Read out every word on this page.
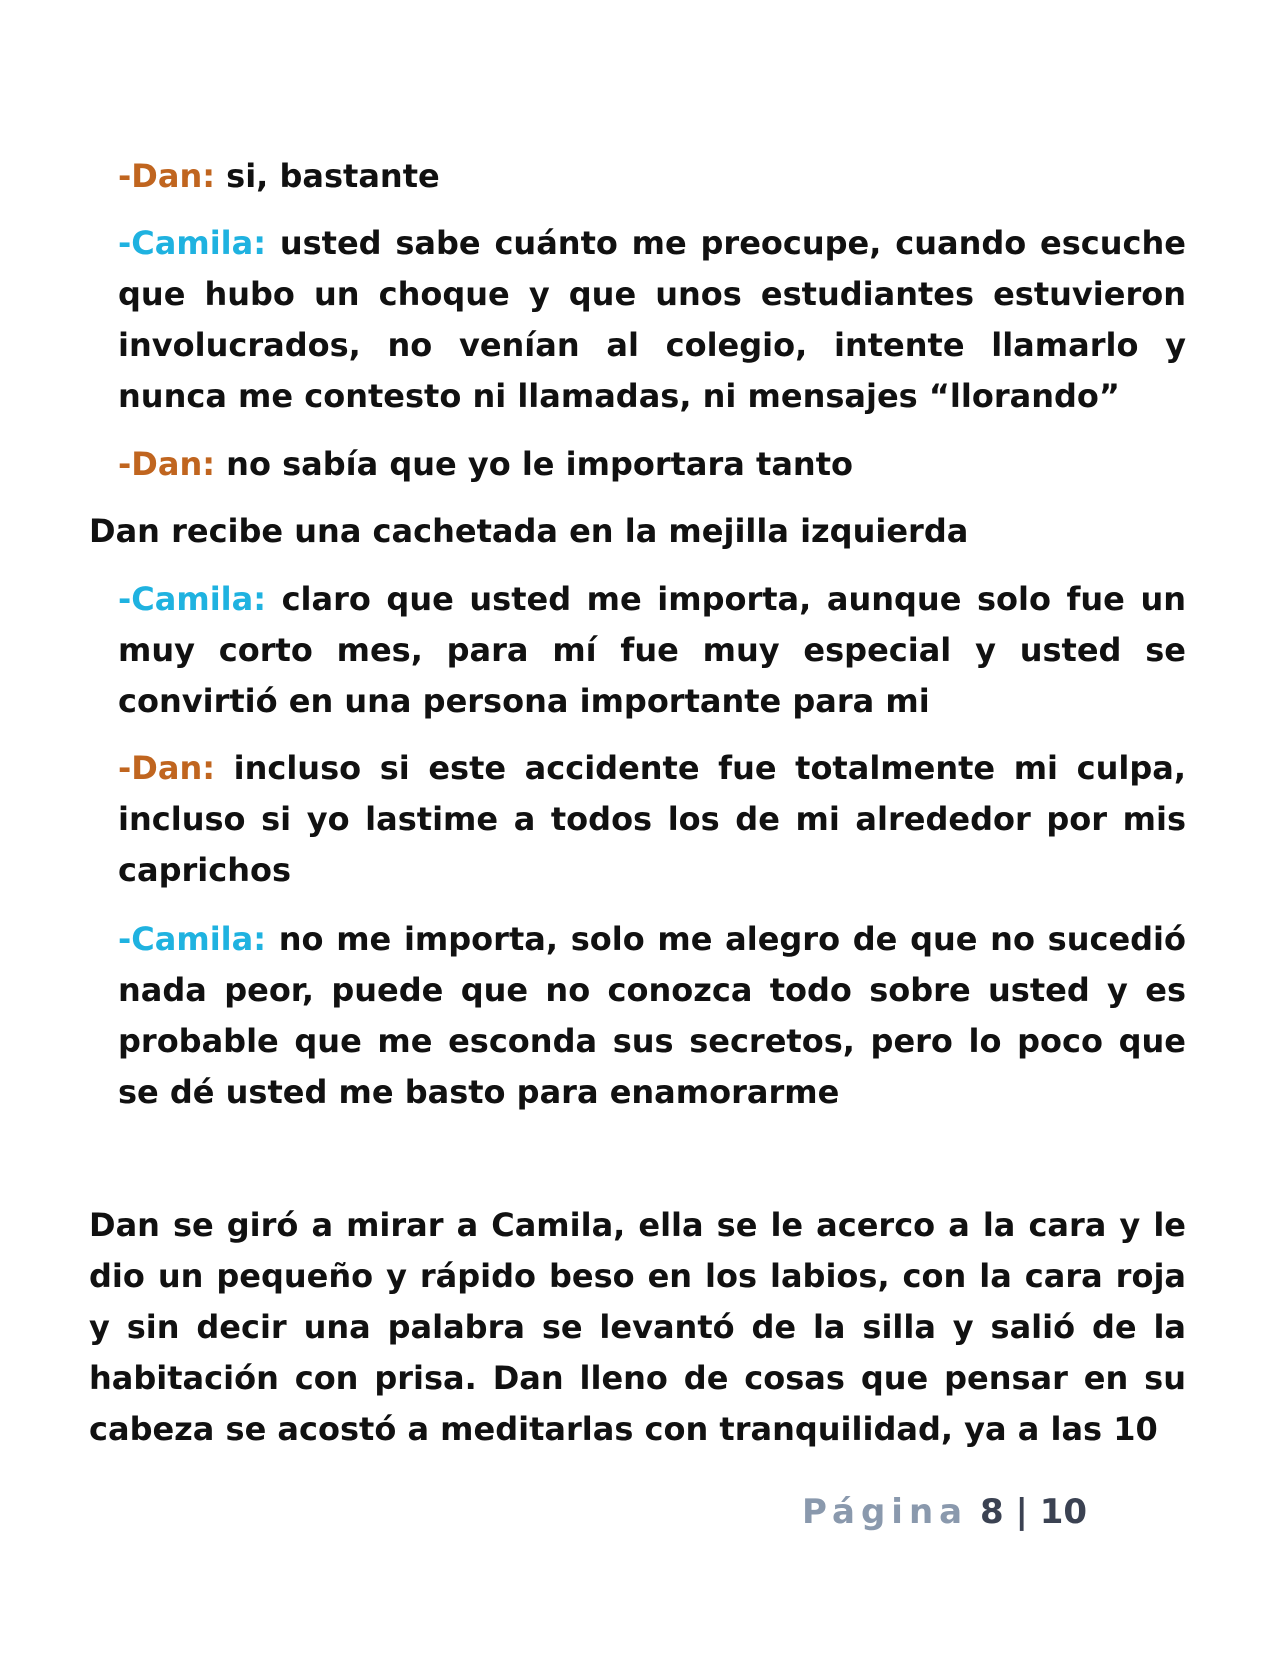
-Dan: si, bastante

-Camila: usted sabe cuánto me preocupe, cuando escuche que hubo un choque y que unos estudiantes estuvieron involucrados, no venían al colegio, intente llamarlo y nunca me contesto ni llamadas, ni mensajes “llorando”

-Dan: no sabía que yo le importara tanto

Dan recibe una cachetada en la mejilla izquierda

-Camila: claro que usted me importa, aunque solo fue un muy corto mes, para mí fue muy especial y usted se convirtió en una persona importante para mi

-Dan: incluso si este accidente fue totalmente mi culpa, incluso si yo lastime a todos los de mi alrededor por mis caprichos

-Camila: no me importa, solo me alegro de que no sucedió nada peor, puede que no conozca todo sobre usted y es probable que me esconda sus secretos, pero lo poco que se dé usted me basto para enamorarme

Dan se giró a mirar a Camila, ella se le acerco a la cara y le dio un pequeño y rápido beso en los labios, con la cara roja y sin decir una palabra se levantó de la silla y salió de la habitación con prisa. Dan lleno de cosas que pensar en su cabeza se acostó a meditarlas con tranquilidad, ya a las 10

Página 8 | 10
